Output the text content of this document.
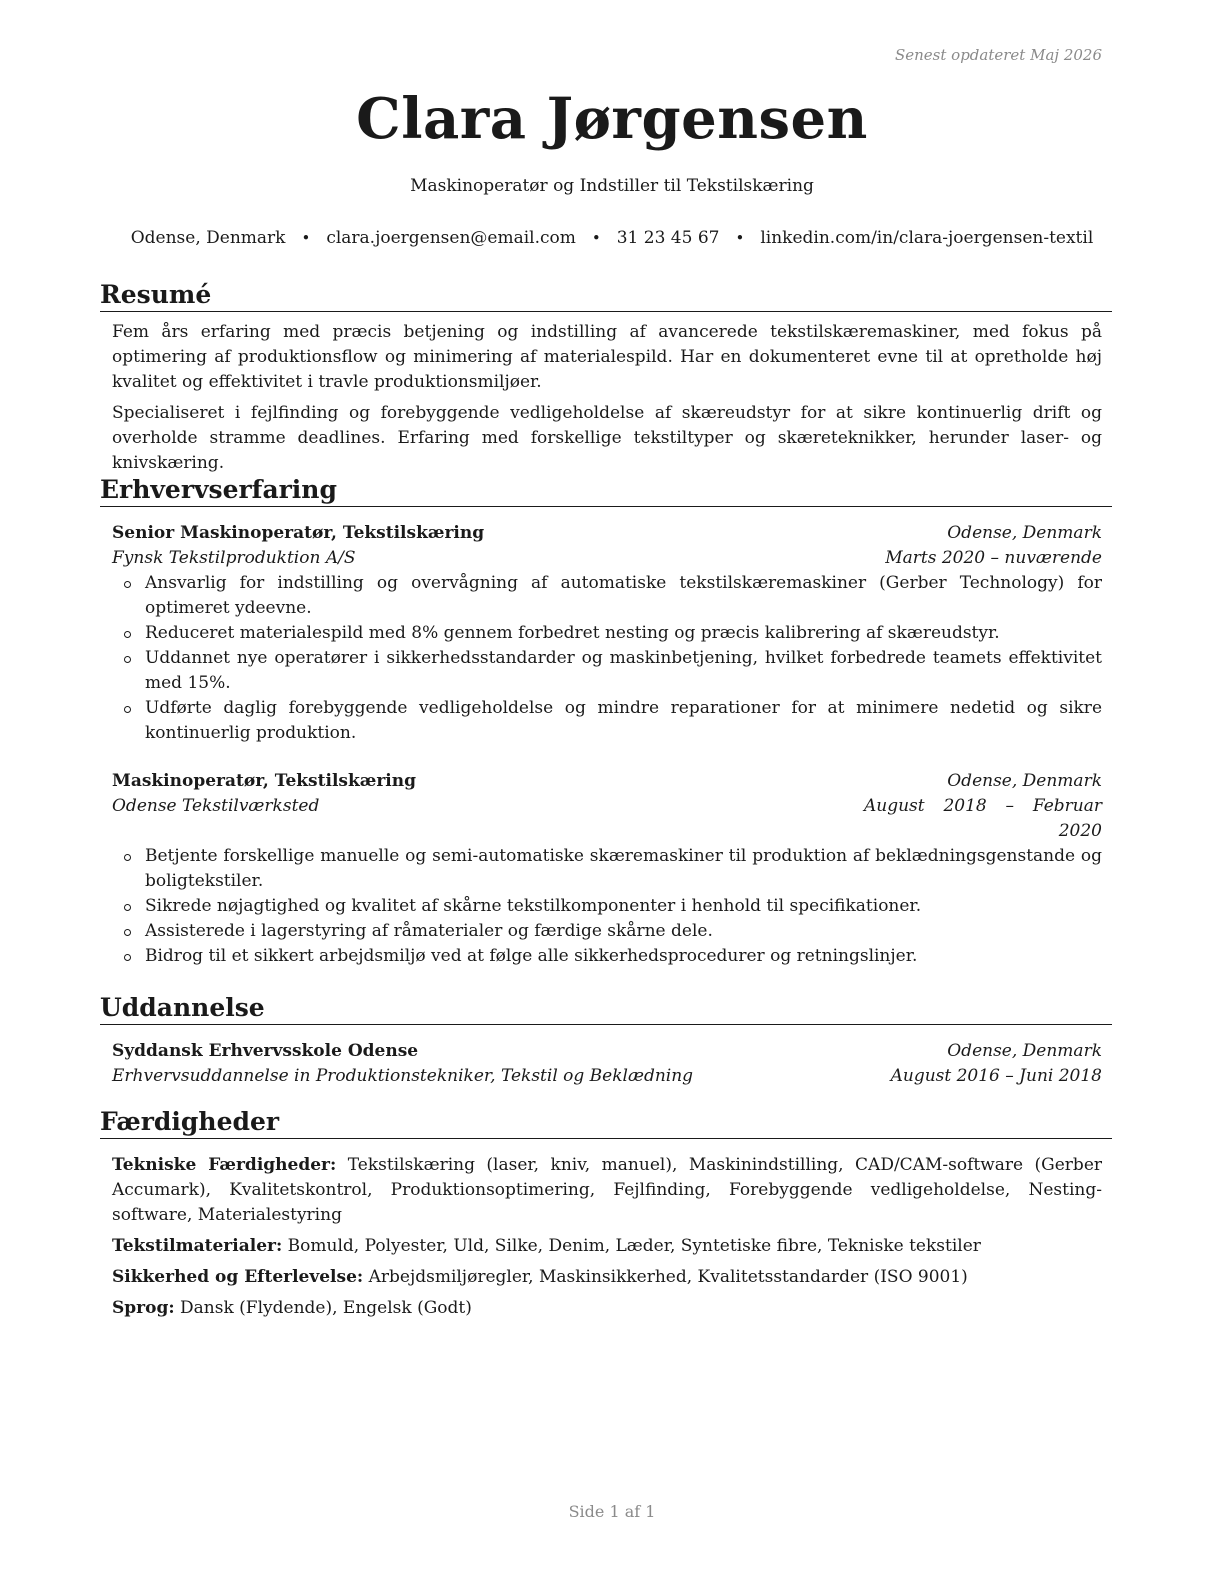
Senest opdateret Maj 2026
Clara Jørgensen
Maskinoperatør og Indstiller til Tekstilskæring
Odense, Denmark • clara.joergensen@email.com • 31 23 45 67 • linkedin.com/in/clara-joergensen-textil
Resumé

Fem års erfaring med præcis betjening og indstilling af avancerede tekstilskæremaskiner, med fokus på optimering af produktionsflow og minimering af materialespild. Har en dokumenteret evne til at opretholde høj kvalitet og effektivitet i travle produktionsmiljøer.

Specialiseret i fejlfinding og forebyggende vedligeholdelse af skæreudstyr for at sikre kontinuerlig drift og overholde stramme deadlines. Erfaring med forskellige tekstiltyper og skæreteknikker, herunder laser- og knivskæring.

Erhvervserfaring
Senior Maskinoperatør, Tekstilskæring	Odense, Denmark
Fynsk Tekstilproduktion A/S	Marts 2020 – nuværende
Ansvarlig for indstilling og overvågning af automatiske tekstilskæremaskiner (Gerber Technology) for optimeret ydeevne.
Reduceret materialespild med 8% gennem forbedret nesting og præcis kalibrering af skæreudstyr.
Uddannet nye operatører i sikkerhedsstandarder og maskinbetjening, hvilket forbedrede teamets effektivitet med 15%.
Udførte daglig forebyggende vedligeholdelse og mindre reparationer for at minimere nedetid og sikre kontinuerlig produktion.
Maskinoperatør, Tekstilskæring	Odense, Denmark
Odense Tekstilværksted	August 2018 – Februar 2020
Betjente forskellige manuelle og semi-automatiske skæremaskiner til produktion af beklædningsgenstande og boligtekstiler.
Sikrede nøjagtighed og kvalitet af skårne tekstilkomponenter i henhold til specifikationer.
Assisterede i lagerstyring af råmaterialer og færdige skårne dele.
Bidrog til et sikkert arbejdsmiljø ved at følge alle sikkerhedsprocedurer og retningslinjer.
Uddannelse
Syddansk Erhvervsskole Odense	Odense, Denmark
Erhvervsuddannelse in Produktionstekniker, Tekstil og Beklædning	August 2016 – Juni 2018
Færdigheder

Tekniske Færdigheder: Tekstilskæring (laser, kniv, manuel), Maskinindstilling, CAD/CAM-software (Gerber Accumark), Kvalitetskontrol, Produktionsoptimering, Fejlfinding, Forebyggende vedligeholdelse, Nesting-software, Materialestyring

Tekstilmaterialer: Bomuld, Polyester, Uld, Silke, Denim, Læder, Syntetiske fibre, Tekniske tekstiler

Sikkerhed og Efterlevelse: Arbejdsmiljøregler, Maskinsikkerhed, Kvalitetsstandarder (ISO 9001)

Sprog: Dansk (Flydende), Engelsk (Godt)

Side 1 af 1
